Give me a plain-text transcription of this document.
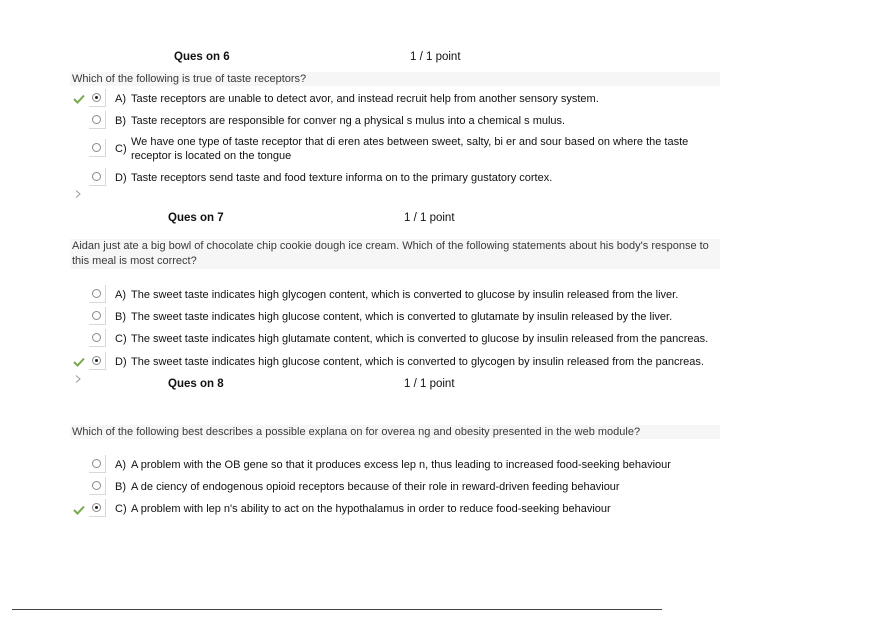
Ques on 6	1 / 1 point
Which of the following is true of taste receptors?
A) Taste receptors are unable to detect avor, and instead recruit help from another sensory system.
B) Taste receptors are responsible for conver ng a physical s mulus into a chemical s mulus.
C)
We have one type of taste receptor that di eren ates between sweet, salty, bi er and sour based on where the taste
receptor is located on the tongue
D) Taste receptors send taste and food texture informa on to the primary gustatory cortex.
Ques on 7	1 / 1 point
Aidan just ate a big bowl of chocolate chip cookie dough ice cream. Which of the following statements about his body's response to
this meal is most correct?
A) The sweet taste indicates high glycogen content, which is converted to glucose by insulin released from the liver.
B) The sweet taste indicates high glucose content, which is converted to glutamate by insulin released by the liver.
C) The sweet taste indicates high glutamate content, which is converted to glucose by insulin released from the pancreas.
D) The sweet taste indicates high glucose content, which is converted to glycogen by insulin released from the pancreas.
Ques on 8	1 / 1 point
Which of the following best describes a possible explana on for overea ng and obesity presented in the web module?
A) A problem with the OB gene so that it produces excess lep n, thus leading to increased food-seeking behaviour
B) A de ciency of endogenous opioid receptors because of their role in reward-driven feeding behaviour
C) A problem with lep n's ability to act on the hypothalamus in order to reduce food-seeking behaviour
